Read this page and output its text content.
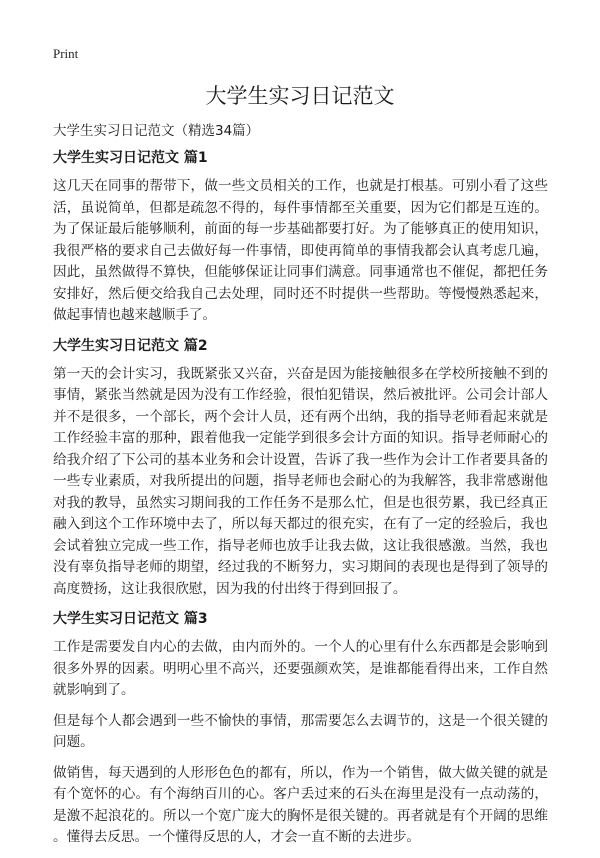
Print
大学生实习日记范文
大学生实习日记范文（精选34篇）
大学生实习日记范文 篇1
这几天在同事的帮带下，做一些文员相关的工作，也就是打根基。可别小看了这些
活，虽说简单，但都是疏忽不得的，每件事情都至关重要，因为它们都是互连的。
为了保证最后能够顺利，前面的每一步基础都要打好。为了能够真正的使用知识，
我很严格的要求自己去做好每一件事情，即使再简单的事情我都会认真考虑几遍，
因此，虽然做得不算快，但能够保证让同事们满意。同事通常也不催促，都把任务
安排好，然后便交给我自己去处理，同时还不时提供一些帮助。等慢慢熟悉起来，
做起事情也越来越顺手了。
大学生实习日记范文 篇2
第一天的会计实习，我既紧张又兴奋，兴奋是因为能接触很多在学校所接触不到的
事情，紧张当然就是因为没有工作经验，很怕犯错误，然后被批评。公司会计部人
并不是很多，一个部长，两个会计人员，还有两个出纳，我的指导老师看起来就是
工作经验丰富的那种，跟着他我一定能学到很多会计方面的知识。指导老师耐心的
给我介绍了下公司的基本业务和会计设置，告诉了我一些作为会计工作者要具备的
一些专业素质，对我所提出的问题，指导老师也会耐心的为我解答，我非常感谢他
对我的教导，虽然实习期间我的工作任务不是那么忙，但是也很劳累，我已经真正
融入到这个工作环境中去了，所以每天都过的很充实，在有了一定的经验后，我也
会试着独立完成一些工作，指导老师也放手让我去做，这让我很感激。当然，我也
没有辜负指导老师的期望，经过我的不断努力，实习期间的表现也是得到了领导的
高度赞扬，这让我很欣慰，因为我的付出终于得到回报了。
大学生实习日记范文 篇3
工作是需要发自内心的去做，由内而外的。一个人的心里有什么东西都是会影响到
很多外界的因素。明明心里不高兴，还要强颜欢笑，是谁都能看得出来，工作自然
就影响到了。
但是每个人都会遇到一些不愉快的事情，那需要怎么去调节的，这是一个很关键的
问题。
做销售，每天遇到的人形形色色的都有，所以，作为一个销售，做大做关键的就是
有个宽怀的心。有个海纳百川的心。客户丢过来的石头在海里是没有一点动荡的，
是激不起浪花的。所以一个宽广庞大的胸怀是很关键的。再者就是有个开阔的思维
。懂得去反思。一个懂得反思的人，才会一直不断的去进步。
